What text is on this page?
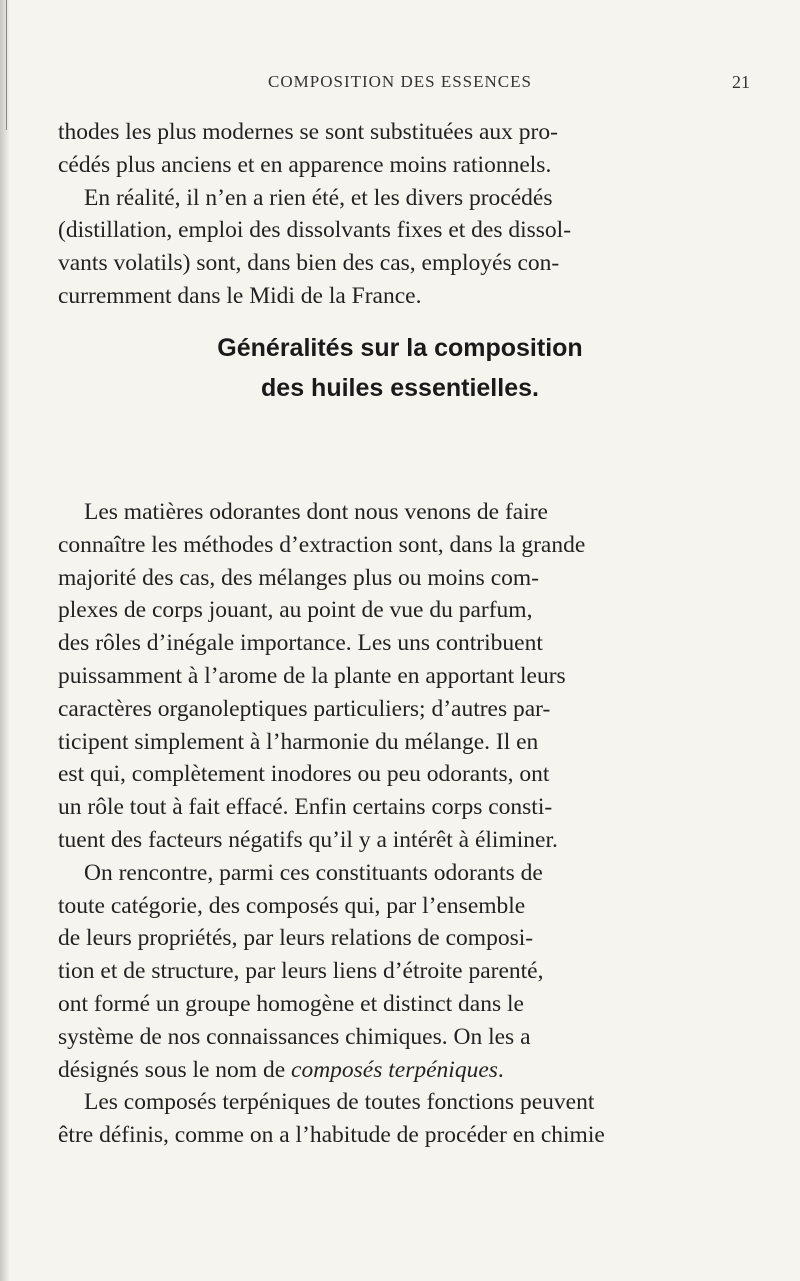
COMPOSITION DES ESSENCES	21

thodes les plus modernes se sont substituées aux pro-
cédés plus anciens et en apparence moins rationnels.
En réalité, il n’en a rien été, et les divers procédés
(distillation, emploi des dissolvants fixes et des dissol-
vants volatils) sont, dans bien des cas, employés con-
curremment dans le Midi de la France.

Généralités sur la composition
des huiles essentielles.

Les matières odorantes dont nous venons de faire
connaître les méthodes d’extraction sont, dans la grande
majorité des cas, des mélanges plus ou moins com-
plexes de corps jouant, au point de vue du parfum,
des rôles d’inégale importance. Les uns contribuent
puissamment à l’arome de la plante en apportant leurs
caractères organoleptiques particuliers; d’autres par-
ticipent simplement à l’harmonie du mélange. Il en
est qui, complètement inodores ou peu odorants, ont
un rôle tout à fait effacé. Enfin certains corps consti-
tuent des facteurs négatifs qu’il y a intérêt à éliminer.
On rencontre, parmi ces constituants odorants de
toute catégorie, des composés qui, par l’ensemble
de leurs propriétés, par leurs relations de composi-
tion et de structure, par leurs liens d’étroite parenté,
ont formé un groupe homogène et distinct dans le
système de nos connaissances chimiques. On les a
désignés sous le nom de composés terpéniques.

Les composés terpéniques de toutes fonctions peuvent
être définis, comme on a l’habitude de procéder en chimie
